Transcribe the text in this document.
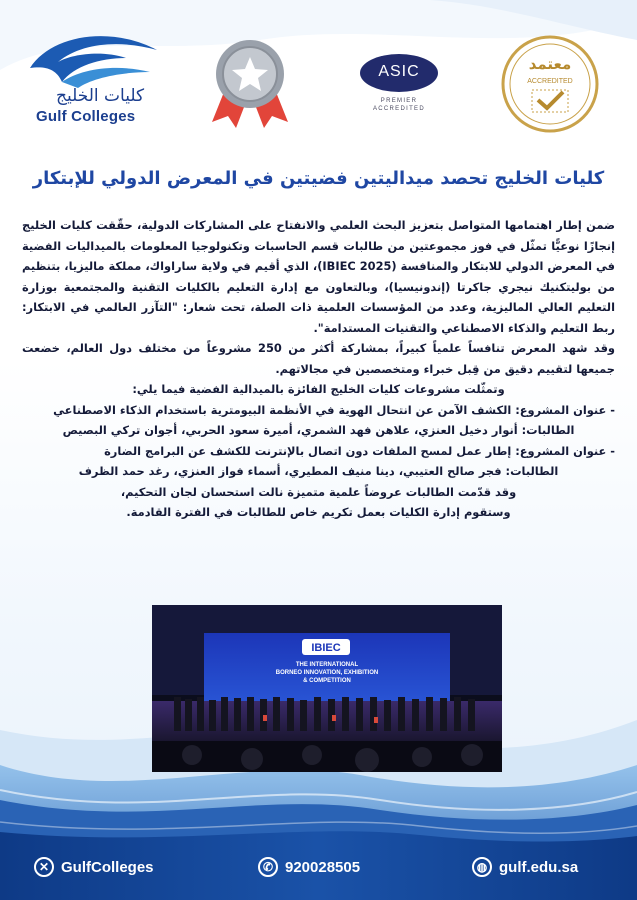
كليات الخليج
Gulf Colleges
ASIC
PREMIER
ACCREDITED
معتمد
ACCREDITED
كليات الخليج تحصد ميداليتين فضيتين في المعرض الدولي للإبتكار

ضمن إطار اهتمامها المتواصل بتعزيز البحث العلمي والانفتاح على المشاركات الدولية، حقّقت كليات الخليج إنجازًا نوعيًّا تمثّل في فوز مجموعتين من طالبات قسم الحاسبات وتكنولوجيا المعلومات بالميداليات الفضية في المعرض الدولي للابتكار والمنافسة (IBIEC 2025)، الذي أقيم في ولاية ساراواك، مملكة ماليزيا، بتنظيم من بوليتكنيك نيجري جاكرتا (إندونيسيا)، وبالتعاون مع إدارة التعليم بالكليات التقنية والمجتمعية بوزارة التعليم العالي الماليزية، وعدد من المؤسسات العلمية ذات الصلة، تحت شعار: "التآزر العالمي في الابتكار: ربط التعليم والذكاء الاصطناعي والتقنيات المستدامة".

وقد شهد المعرض تنافساً علمياً كبيراً، بمشاركة أكثر من 250 مشروعاً من مختلف دول العالم، خضعت جميعها لتقييم دقيق من قِبل خبراء ومتخصصين في مجالاتهم.

وتمثّلت مشروعات كليات الخليج الفائزة بالميدالية الفضية فيما يلي:

- عنوان المشروع: الكشف الآمن عن انتحال الهوية في الأنظمة البيومترية باستخدام الذكاء الاصطناعي

الطالبات: أنوار دخيل العنزي، علاهن فهد الشمري، أميرة سعود الحربي، أجوان تركي البصيص

- عنوان المشروع: إطار عمل لمسح الملفات دون اتصال بالإنترنت للكشف عن البرامج الضارة

الطالبات: فجر صالح العتيبي، دينا منيف المطيري، أسماء فواز العنزي، رغد حمد الظرف

وقد قدّمت الطالبات عروضاً علمية متميزة نالت استحسان لجان التحكيم،

وستقوم إدارة الكليات بعمل تكريم خاص للطالبات في الفترة القادمة.

IBIEC
THE INTERNATIONAL
BORNEO INNOVATION, EXHIBITION
& COMPETITION
✕ GulfColleges	✆ 920028505	◍ gulf.edu.sa
